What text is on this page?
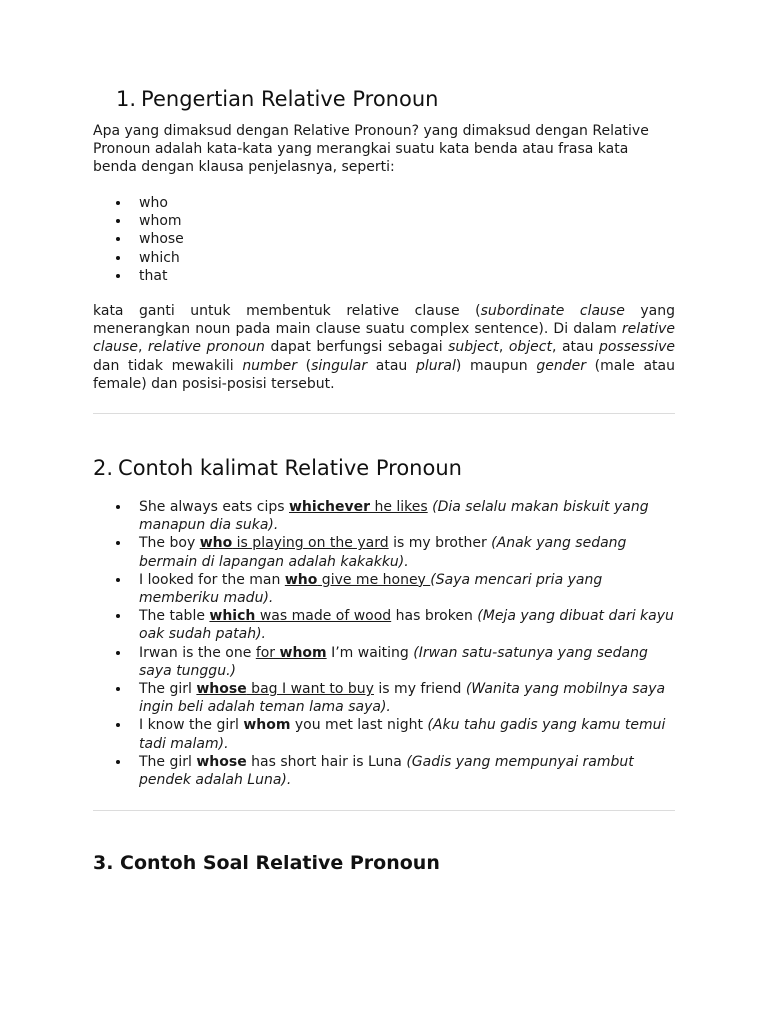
1. Pengertian Relative Pronoun

Apa yang dimaksud dengan Relative Pronoun? yang dimaksud dengan Relative Pronoun adalah kata-kata yang merangkai suatu kata benda atau frasa kata benda dengan klausa penjelasnya, seperti:

who
whom
whose
which
that

kata ganti untuk membentuk relative clause (subordinate clause yang menerangkan noun pada main clause suatu complex sentence). Di dalam relative clause, relative pronoun dapat berfungsi sebagai subject, object, atau possessive dan tidak mewakili number (singular atau plural) maupun gender (male atau female) dan posisi-posisi tersebut.

2. Contoh kalimat Relative Pronoun
She always eats cips whichever he likes (Dia selalu makan biskuit yang manapun dia suka).
The boy who is playing on the yard is my brother (Anak yang sedang bermain di lapangan adalah kakakku).
I looked for the man who give me honey (Saya mencari pria yang memberiku madu).
The table which was made of wood has broken (Meja yang dibuat dari kayu oak sudah patah).
Irwan is the one for whom I’m waiting (Irwan satu-satunya yang sedang saya tunggu.)
The girl whose bag I want to buy is my friend (Wanita yang mobilnya saya ingin beli adalah teman lama saya).
I know the girl whom you met last night (Aku tahu gadis yang kamu temui tadi malam).
The girl whose has short hair is Luna (Gadis yang mempunyai rambut pendek adalah Luna).
3. Contoh Soal Relative Pronoun
